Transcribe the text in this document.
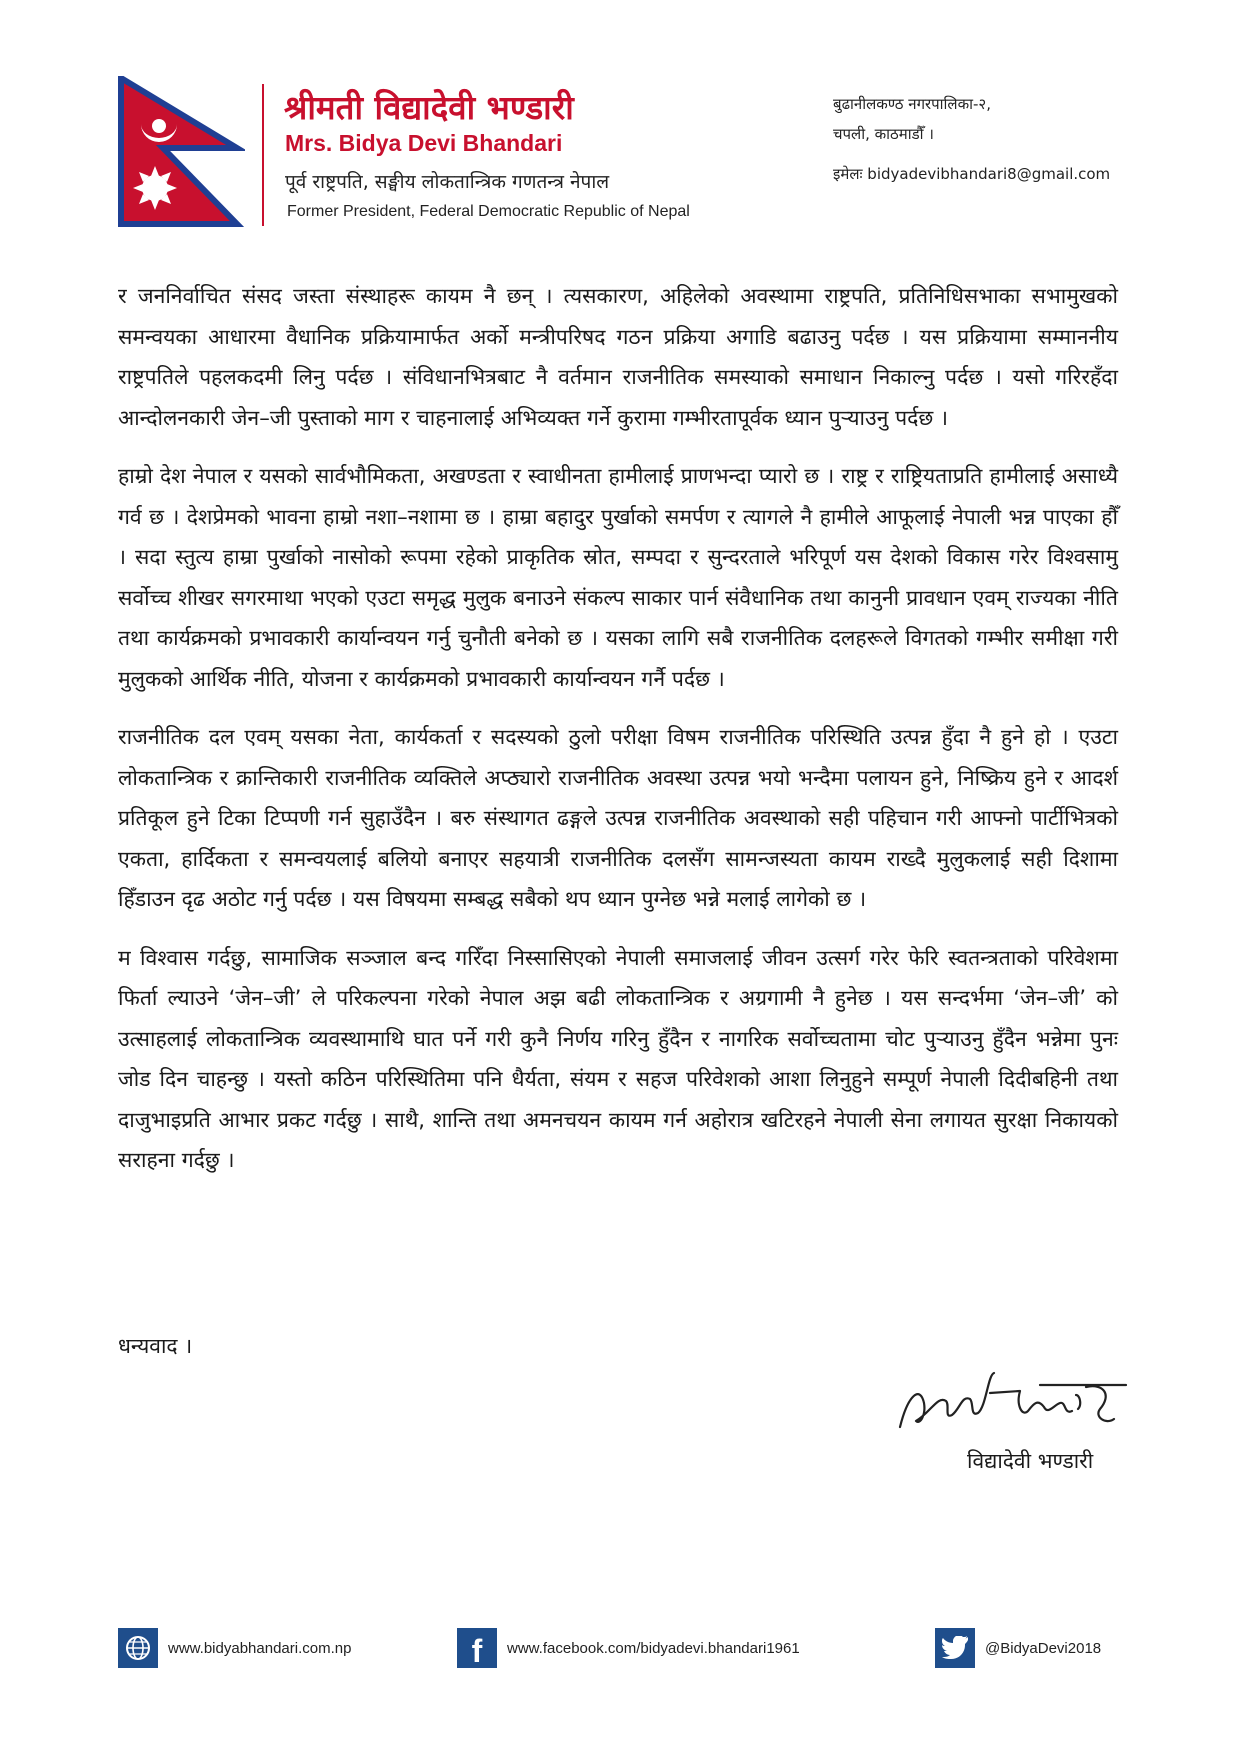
श्रीमती विद्यादेवी भण्डारी
Mrs. Bidya Devi Bhandari
पूर्व राष्ट्रपति, सङ्घीय लोकतान्त्रिक गणतन्त्र नेपाल
Former President, Federal Democratic Republic of Nepal
बुढानीलकण्ठ नगरपालिका-२,
चपली, काठमाडौँ ।
इमेलः bidyadevibhandari8@gmail.com

र जननिर्वाचित संसद जस्ता संस्थाहरू कायम नै छन् । त्यसकारण, अहिलेको अवस्थामा राष्ट्रपति, प्रतिनिधिसभाका सभामुखको समन्वयका आधारमा वैधानिक प्रक्रियामार्फत अर्को मन्त्रीपरिषद गठन प्रक्रिया अगाडि बढाउनु पर्दछ । यस प्रक्रियामा सम्माननीय राष्ट्रपतिले पहलकदमी लिनु पर्दछ । संविधानभित्रबाट नै वर्तमान राजनीतिक समस्याको समाधान निकाल्नु पर्दछ । यसो गरिरहँदा आन्दोलनकारी जेन–जी पुस्ताको माग र चाहनालाई अभिव्यक्त गर्ने कुरामा गम्भीरतापूर्वक ध्यान पुऱ्याउनु पर्दछ ।

हाम्रो देश नेपाल र यसको सार्वभौमिकता, अखण्डता र स्वाधीनता हामीलाई प्राणभन्दा प्यारो छ । राष्ट्र र राष्ट्रियताप्रति हामीलाई असाध्यै गर्व छ । देशप्रेमको भावना हाम्रो नशा–नशामा छ । हाम्रा बहादुर पुर्खाको समर्पण र त्यागले नै हामीले आफूलाई नेपाली भन्न पाएका हौँ । सदा स्तुत्य हाम्रा पुर्खाको नासोको रूपमा रहेको प्राकृतिक स्रोत, सम्पदा र सुन्दरताले भरिपूर्ण यस देशको विकास गरेर विश्वसामु सर्वोच्च शीखर सगरमाथा भएको एउटा समृद्ध मुलुक बनाउने संकल्प साकार पार्न संवैधानिक तथा कानुनी प्रावधान एवम् राज्यका नीति तथा कार्यक्रमको प्रभावकारी कार्यान्वयन गर्नु चुनौती बनेको छ । यसका लागि सबै राजनीतिक दलहरूले विगतको गम्भीर समीक्षा गरी मुलुकको आर्थिक नीति, योजना र कार्यक्रमको प्रभावकारी कार्यान्वयन गर्नै पर्दछ ।

राजनीतिक दल एवम् यसका नेता, कार्यकर्ता र सदस्यको ठुलो परीक्षा विषम राजनीतिक परिस्थिति उत्पन्न हुँदा नै हुने हो । एउटा लोकतान्त्रिक र क्रान्तिकारी राजनीतिक व्यक्तिले अप्ठ्यारो राजनीतिक अवस्था उत्पन्न भयो भन्दैमा पलायन हुने, निष्क्रिय हुने र आदर्श प्रतिकूल हुने टिका टिप्पणी गर्न सुहाउँदैन । बरु संस्थागत ढङ्गले उत्पन्न राजनीतिक अवस्थाको सही पहिचान गरी आफ्नो पार्टीभित्रको एकता, हार्दिकता र समन्वयलाई बलियो बनाएर सहयात्री राजनीतिक दलसँग सामन्जस्यता कायम राख्दै मुलुकलाई सही दिशामा हिँडाउन दृढ अठोट गर्नु पर्दछ । यस विषयमा सम्बद्ध सबैको थप ध्यान पुग्नेछ भन्ने मलाई लागेको छ ।

म विश्वास गर्दछु, सामाजिक सञ्जाल बन्द गरिँदा निस्सासिएको नेपाली समाजलाई जीवन उत्सर्ग गरेर फेरि स्वतन्त्रताको परिवेशमा फिर्ता ल्याउने ‘जेन–जी’ ले परिकल्पना गरेको नेपाल अझ बढी लोकतान्त्रिक र अग्रगामी नै हुनेछ । यस सन्दर्भमा ‘जेन–जी’ को उत्साहलाई लोकतान्त्रिक व्यवस्थामाथि घात पर्ने गरी कुनै निर्णय गरिनु हुँदैन र नागरिक सर्वोच्चतामा चोट पुऱ्याउनु हुँदैन भन्नेमा पुनः जोड दिन चाहन्छु । यस्तो कठिन परिस्थितिमा पनि धैर्यता, संयम र सहज परिवेशको आशा लिनुहुने सम्पूर्ण नेपाली दिदीबहिनी तथा दाजुभाइप्रति आभार प्रकट गर्दछु । साथै, शान्ति तथा अमनचयन कायम गर्न अहोरात्र खटिरहने नेपाली सेना लगायत सुरक्षा निकायको सराहना गर्दछु ।

धन्यवाद ।
विद्यादेवी भण्डारी
www.bidyabhandari.com.np	f www.facebook.com/bidyadevi.bhandari1961	@BidyaDevi2018
